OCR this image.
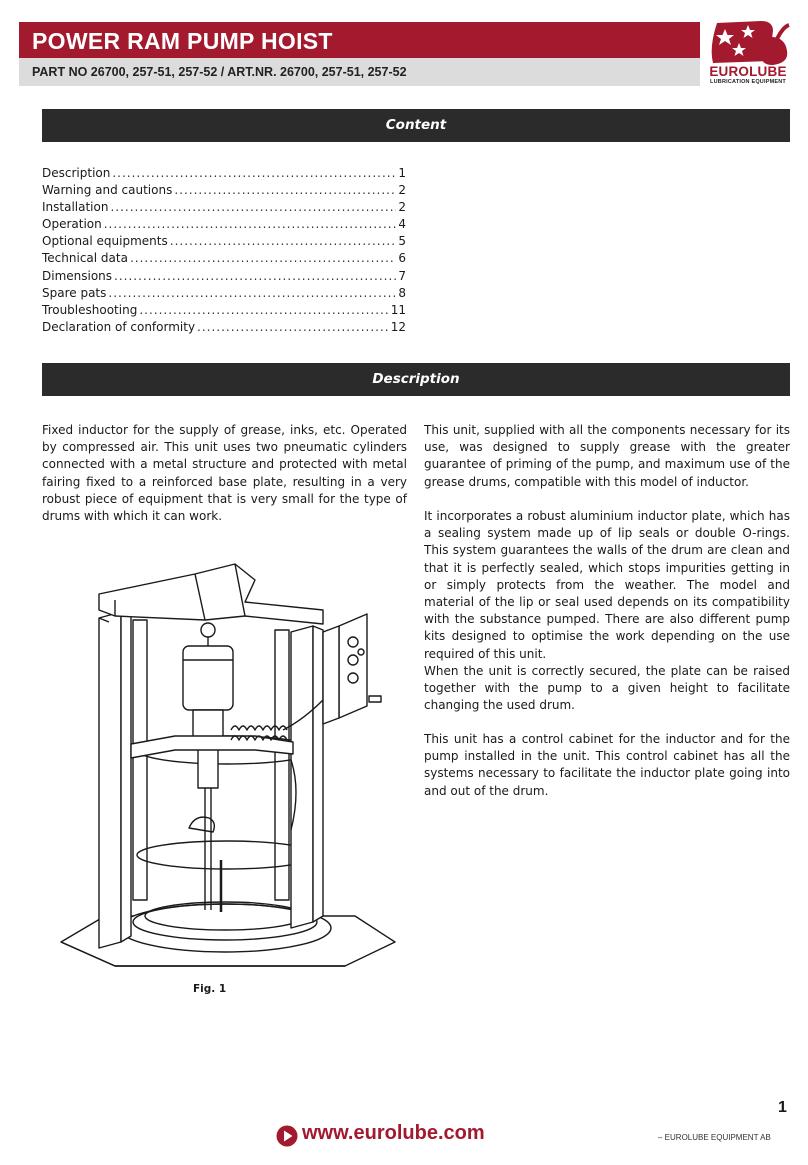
POWER RAM PUMP HOIST
PART NO 26700, 257-51, 257-52 / ART.NR. 26700, 257-51, 257-52	EUROLUBE
LUBRICATION EQUIPMENT
Content
Description .....	1
Warning and cautions .....	2
Installation .....	2
Operation .....	4
Optional equipments .....	5
Technical data .....	6
Dimensions .....	7
Spare pats .....	8
Troubleshooting .....	11
Declaration of conformity .....	12
Description
Fixed inductor for the supply of grease, inks, etc. Operated by compressed air. This unit uses two pneumatic cylinders connected with a metal structure and protected with metal fairing fixed to a reinforced base plate, resulting in a very robust piece of equipment that is very small for the type of drums with which it can work.
This unit, supplied with all the components necessary for its use, was designed to supply grease with the greater guarantee of priming of the pump, and maximum use of the grease drums, compatible with this model of inductor.
It incorporates a robust aluminium inductor plate, which has a sealing system made up of lip seals or double O-rings. This system guarantees the walls of the drum are clean and that it is perfectly sealed, which stops impurities getting in or simply protects from the weather. The model and material of the lip or seal used depends on its compatibility with the substance pumped. There are also different pump kits designed to optimise the work depending on the use required of this unit.
When the unit is correctly secured, the plate can be raised together with the pump to a given height to facilitate changing the used drum.
This unit has a control cabinet for the inductor and for the pump installed in the unit. This control cabinet has all the systems necessary to facilitate the inductor plate going into and out of the drum.
Fig. 1
1
www.eurolube.com	– EUROLUBE EQUIPMENT AB
